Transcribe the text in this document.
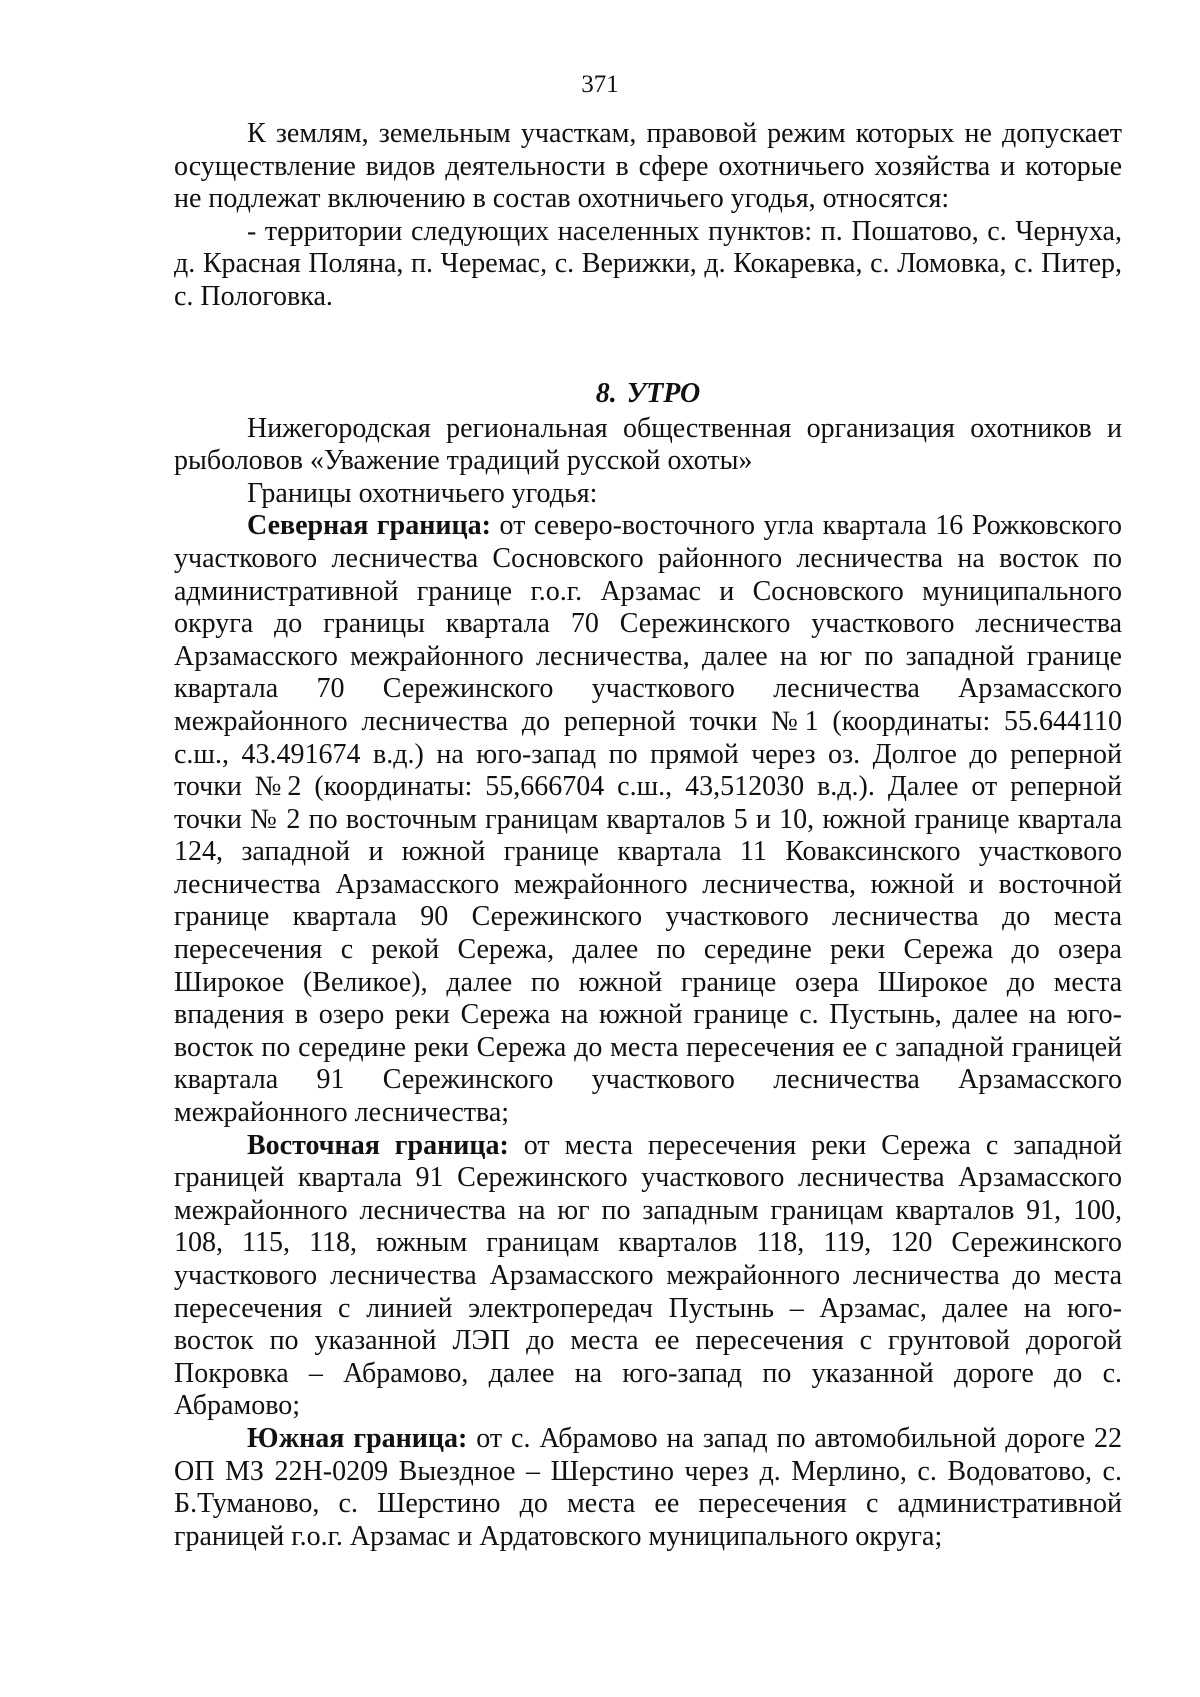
371

К землям, земельным участкам, правовой режим которых не допускает осуществление видов деятельности в сфере охотничьего хозяйства и которые не подлежат включению в состав охотничьего угодья, относятся:

- территории следующих населенных пунктов: п. Пошатово, с. Чернуха, д. Красная Поляна, п. Черемас, с. Верижки, д. Кокаревка, с. Ломовка, с. Питер, с. Пологовка.

8. УТРО

Нижегородская региональная общественная организация охотников и рыболовов «Уважение традиций русской охоты»

Границы охотничьего угодья:

Северная граница: от северо-восточного угла квартала 16 Рожковского участкового лесничества Сосновского районного лесничества на восток по административной границе г.о.г. Арзамас и Сосновского муниципального округа до границы квартала 70 Сережинского участкового лесничества Арзамасского межрайонного лесничества, далее на юг по западной границе квартала 70 Сережинского участкового лесничества Арзамасского межрайонного лесничества до реперной точки №1 (координаты: 55.644110 с.ш., 43.491674 в.д.) на юго-запад по прямой через оз. Долгое до реперной точки №2 (координаты: 55,666704 с.ш., 43,512030 в.д.). Далее от реперной точки № 2 по восточным границам кварталов 5 и 10, южной границе квартала 124, западной и южной границе квартала 11 Коваксинского участкового лесничества Арзамасского межрайонного лесничества, южной и восточной границе квартала 90 Сережинского участкового лесничества до места пересечения с рекой Сережа, далее по середине реки Сережа до озера Широкое (Великое), далее по южной границе озера Широкое до места впадения в озеро реки Сережа на южной границе с. Пустынь, далее на юго-восток по середине реки Сережа до места пересечения ее с западной границей квартала 91 Сережинского участкового лесничества Арзамасского межрайонного лесничества;

Восточная граница: от места пересечения реки Сережа с западной границей квартала 91 Сережинского участкового лесничества Арзамасского межрайонного лесничества на юг по западным границам кварталов 91, 100, 108, 115, 118, южным границам кварталов 118, 119, 120 Сережинского участкового лесничества Арзамасского межрайонного лесничества до места пересечения с линией электропередач Пустынь – Арзамас, далее на юго-восток по указанной ЛЭП до места ее пересечения с грунтовой дорогой Покровка – Абрамово, далее на юго-запад по указанной дороге до с. Абрамово;

Южная граница: от с. Абрамово на запад по автомобильной дороге 22 ОП МЗ 22Н-0209 Выездное – Шерстино через д. Мерлино, с. Водоватово, с. Б.Туманово, с. Шерстино до места ее пересечения с административной границей г.о.г. Арзамас и Ардатовского муниципального округа;
